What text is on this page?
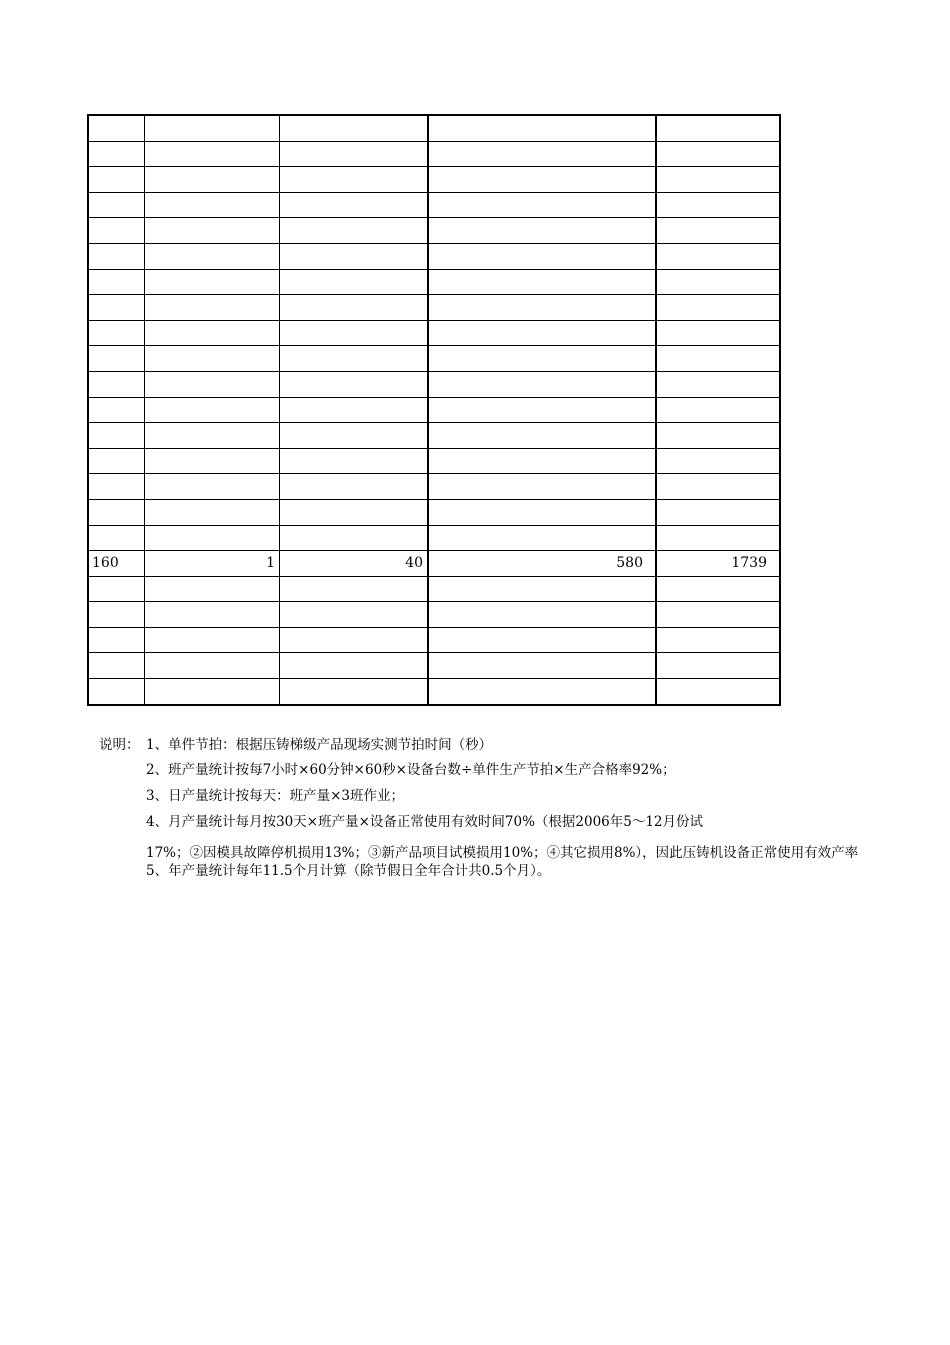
160	1	40	580	1739

说明： 1、单件节拍：根据压铸梯级产品现场实测节拍时间（秒）
2、班产量统计按每7小时×60分钟×60秒×设备台数÷单件生产节拍×生产合格率92%；
3、日产量统计按每天：班产量×3班作业；
4、月产量统计每月按30天×班产量×设备正常使用有效时间70%（根据2006年5～12月份试
17%；②因模具故障停机损用13%；③新产品项目试模损用10%；④其它损用8%），因此压铸机设备正常使用有效产率
5、年产量统计每年11.5个月计算（除节假日全年合计共0.5个月）。
